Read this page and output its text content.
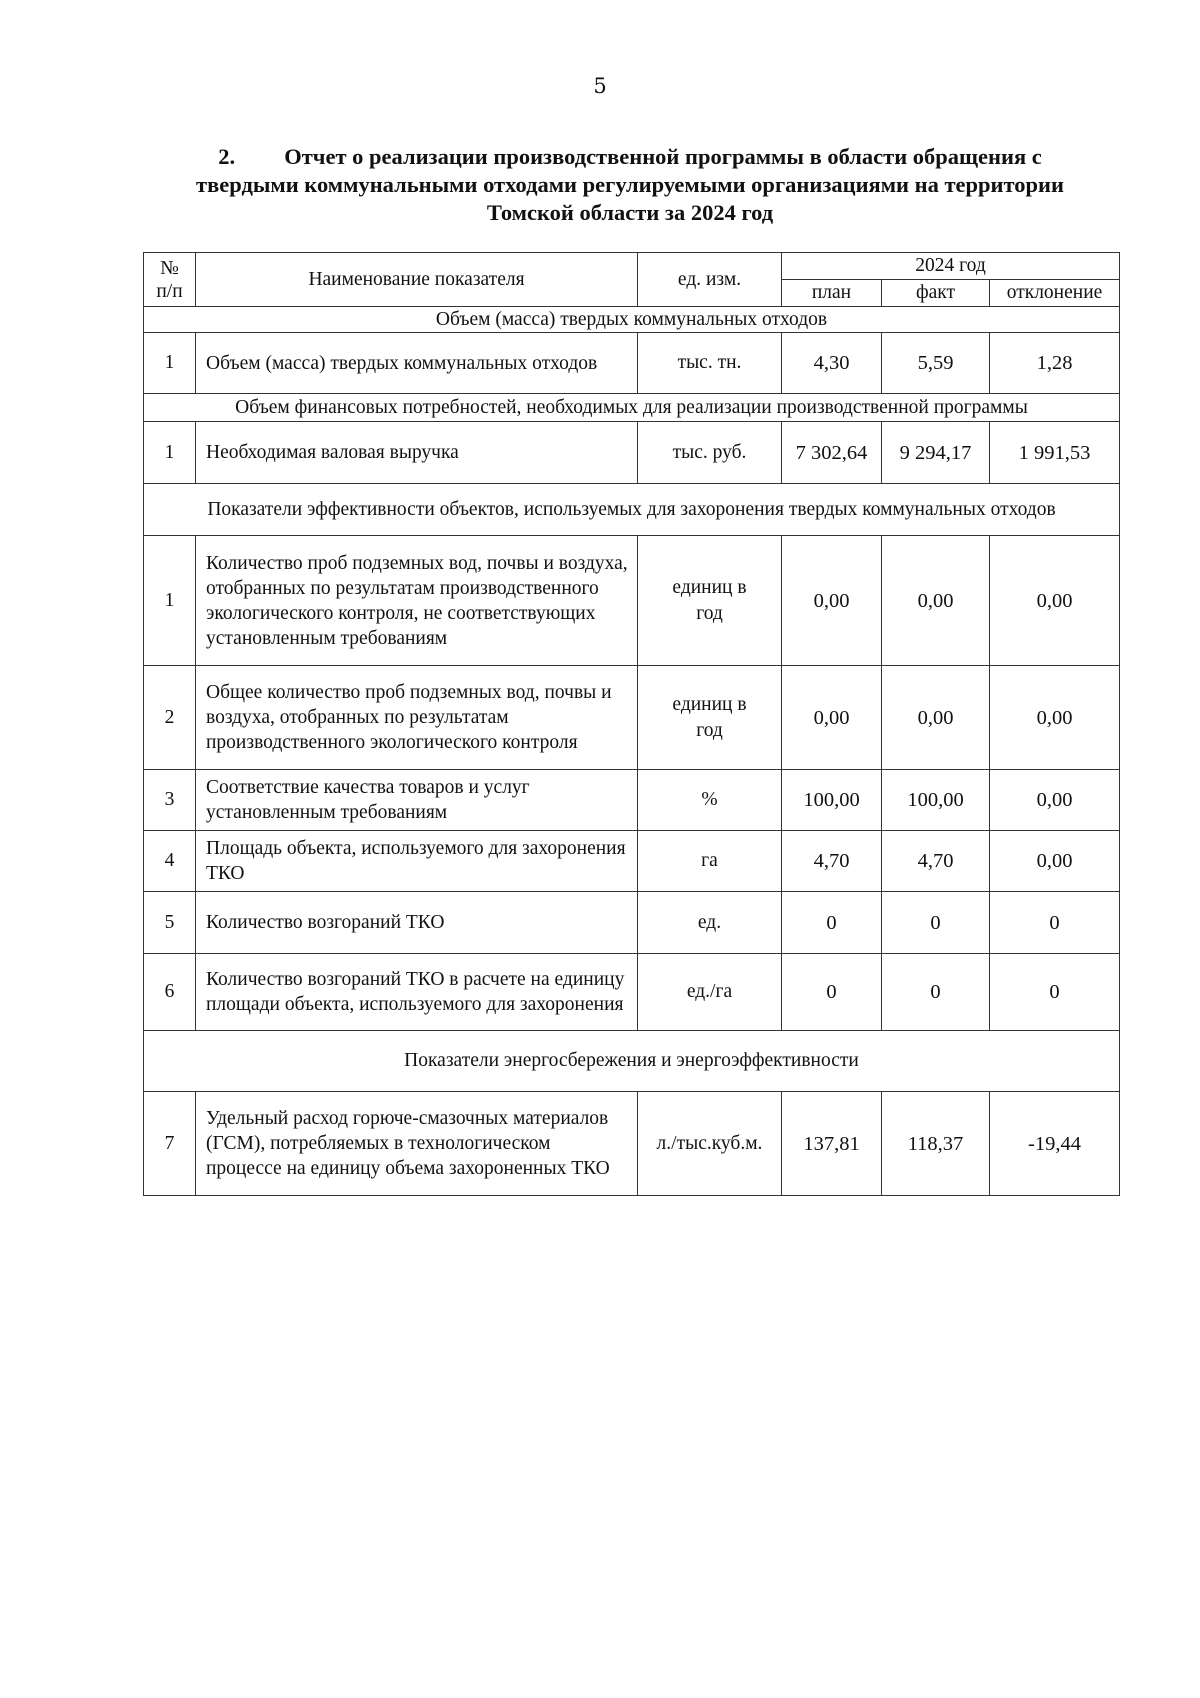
5
2. Отчет о реализации производственной программы в области обращения с
твердыми коммунальными отходами регулируемыми организациями на территории
Томской области за 2024 год
№ п/п	Наименование показателя	ед. изм.	2024 год		
			план	факт	отклонение
Объем (масса) твердых коммунальных отходов					
1	Объем (масса) твердых коммунальных отходов	тыс. тн.	4,30	5,59	1,28
Объем финансовых потребностей, необходимых для реализации производственной программы					
1	Необходимая валовая выручка	тыс. руб.	7 302,64	9 294,17	1 991,53
Показатели эффективности объектов, используемых для захоронения твердых коммунальных отходов					
1	Количество проб подземных вод, почвы и воздуха, отобранных по результатам производственного экологического контроля, не соответствующих установленным требованиям	единиц в год	0,00	0,00	0,00
2	Общее количество проб подземных вод, почвы и воздуха, отобранных по результатам производственного экологического контроля	единиц в год	0,00	0,00	0,00
3	Соответствие качества товаров и услуг установленным требованиям	%	100,00	100,00	0,00
4	Площадь объекта, используемого для захоронения ТКО	га	4,70	4,70	0,00
5	Количество возгораний ТКО	ед.	0	0	0
6	Количество возгораний ТКО в расчете на единицу площади объекта, используемого для захоронения	ед./га	0	0	0
Показатели энергосбережения и энергоэффективности					
7	Удельный расход горюче-смазочных материалов (ГСМ), потребляемых в технологическом процессе на единицу объема захороненных ТКО	л./тыс.куб.м.	137,81	118,37	-19,44
